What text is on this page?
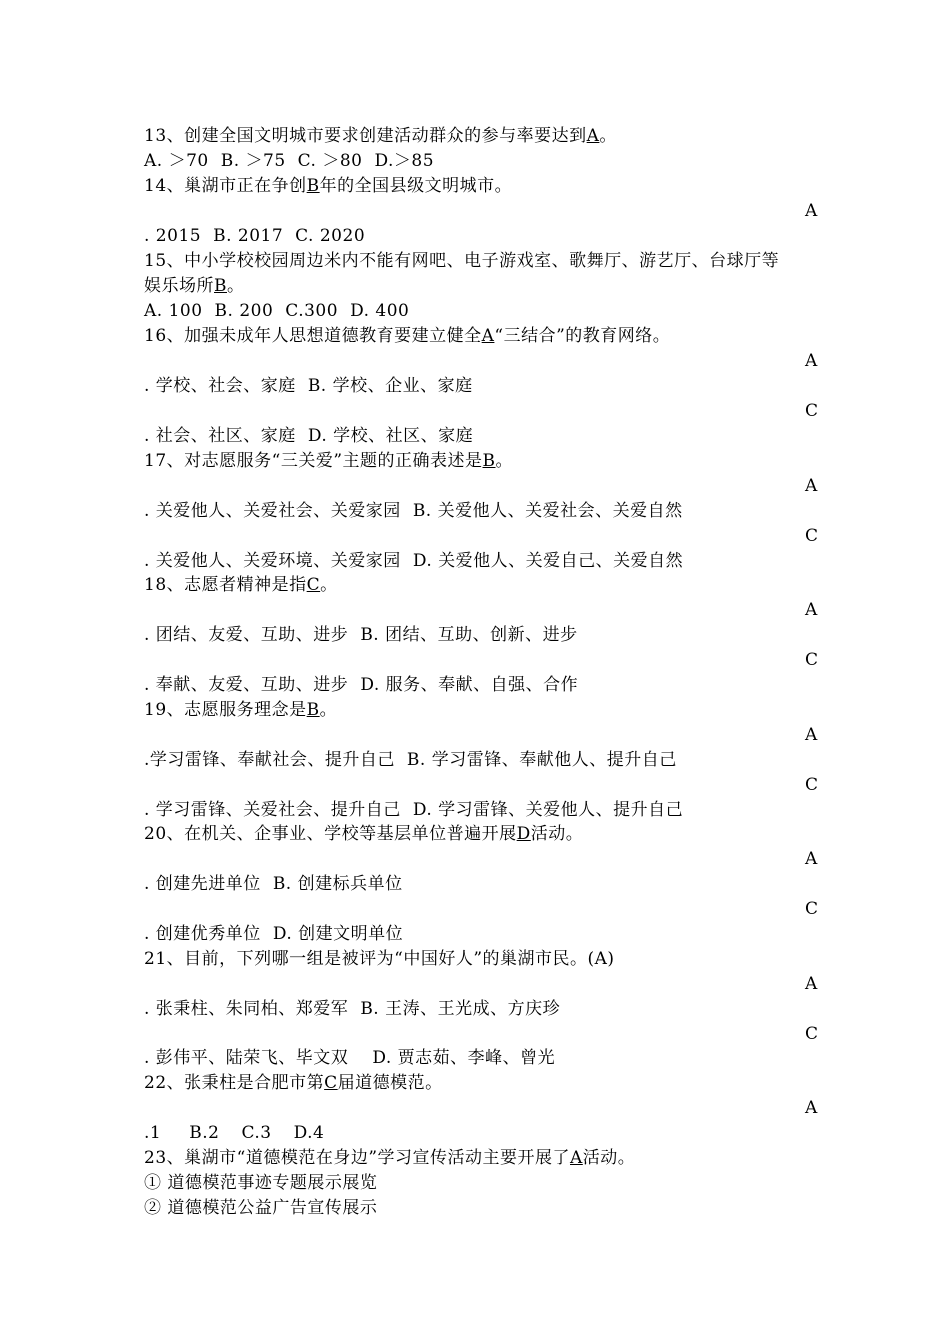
13、创建全国文明城市要求创建活动群众的参与率要达到A。
A. ＞70 B. ＞75 C. ＞80 D.＞85
14、巢湖市正在争创B年的全国县级文明城市。
A
. 2015 B. 2017 C. 2020
15、中小学校校园周边米内不能有网吧、电子游戏室、歌舞厅、游艺厅、台球厅等
娱乐场所B。
A. 100 B. 200 C.300 D. 400
16、加强未成年人思想道德教育要建立健全A“三结合”的教育网络。
A
. 学校、社会、家庭 B. 学校、企业、家庭
C
. 社会、社区、家庭 D. 学校、社区、家庭
17、对志愿服务“三关爱”主题的正确表述是B。
A
. 关爱他人、关爱社会、关爱家园 B. 关爱他人、关爱社会、关爱自然
C
. 关爱他人、关爱环境、关爱家园 D. 关爱他人、关爱自己、关爱自然
18、志愿者精神是指C。
A
. 团结、友爱、互助、进步 B. 团结、互助、创新、进步
C
. 奉献、友爱、互助、进步 D. 服务、奉献、自强、合作
19、志愿服务理念是B。
A
.学习雷锋、奉献社会、提升自己 B. 学习雷锋、奉献他人、提升自己
C
. 学习雷锋、关爱社会、提升自己 D. 学习雷锋、关爱他人、提升自己
20、在机关、企事业、学校等基层单位普遍开展D活动。
A
. 创建先进单位 B. 创建标兵单位
C
. 创建优秀单位 D. 创建文明单位
21、目前，下列哪一组是被评为“中国好人”的巢湖市民。(A)
A
. 张秉柱、朱同柏、郑爱军 B. 王涛、王光成、方庆珍
C
. 彭伟平、陆荣飞、毕文双 D. 贾志茹、李峰、曾光
22、张秉柱是合肥市第C届道德模范。
A
.1 B.2 C.3 D.4
23、巢湖市“道德模范在身边”学习宣传活动主要开展了A活动。
① 道德模范事迹专题展示展览
② 道德模范公益广告宣传展示
